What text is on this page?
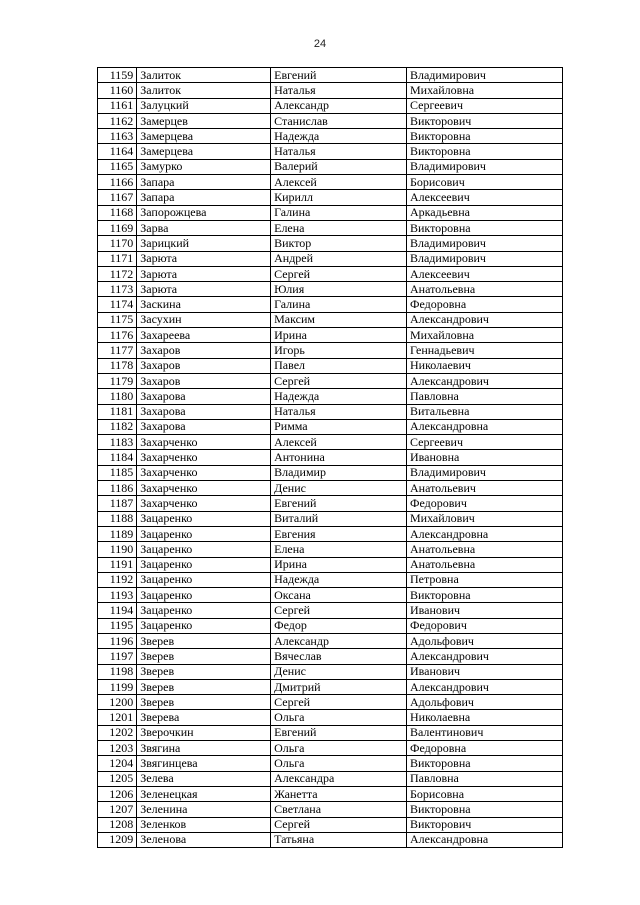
24
1159	Залиток	Евгений	Владимирович
1160	Залиток	Наталья	Михайловна
1161	Залуцкий	Александр	Сергеевич
1162	Замерцев	Станислав	Викторович
1163	Замерцева	Надежда	Викторовна
1164	Замерцева	Наталья	Викторовна
1165	Замурко	Валерий	Владимирович
1166	Запара	Алексей	Борисович
1167	Запара	Кирилл	Алексеевич
1168	Запорожцева	Галина	Аркадьевна
1169	Зарва	Елена	Викторовна
1170	Зарицкий	Виктор	Владимирович
1171	Зарюта	Андрей	Владимирович
1172	Зарюта	Сергей	Алексеевич
1173	Зарюта	Юлия	Анатольевна
1174	Заскина	Галина	Федоровна
1175	Засухин	Максим	Александрович
1176	Захареева	Ирина	Михайловна
1177	Захаров	Игорь	Геннадьевич
1178	Захаров	Павел	Николаевич
1179	Захаров	Сергей	Александрович
1180	Захарова	Надежда	Павловна
1181	Захарова	Наталья	Витальевна
1182	Захарова	Римма	Александровна
1183	Захарченко	Алексей	Сергеевич
1184	Захарченко	Антонина	Ивановна
1185	Захарченко	Владимир	Владимирович
1186	Захарченко	Денис	Анатольевич
1187	Захарченко	Евгений	Федорович
1188	Зацаренко	Виталий	Михайлович
1189	Зацаренко	Евгения	Александровна
1190	Зацаренко	Елена	Анатольевна
1191	Зацаренко	Ирина	Анатольевна
1192	Зацаренко	Надежда	Петровна
1193	Зацаренко	Оксана	Викторовна
1194	Зацаренко	Сергей	Иванович
1195	Зацаренко	Федор	Федорович
1196	Зверев	Александр	Адольфович
1197	Зверев	Вячеслав	Александрович
1198	Зверев	Денис	Иванович
1199	Зверев	Дмитрий	Александрович
1200	Зверев	Сергей	Адольфович
1201	Зверева	Ольга	Николаевна
1202	Зверочкин	Евгений	Валентинович
1203	Звягина	Ольга	Федоровна
1204	Звягинцева	Ольга	Викторовна
1205	Зелева	Александра	Павловна
1206	Зеленецкая	Жанетта	Борисовна
1207	Зеленина	Светлана	Викторовна
1208	Зеленков	Сергей	Викторович
1209	Зеленова	Татьяна	Александровна
